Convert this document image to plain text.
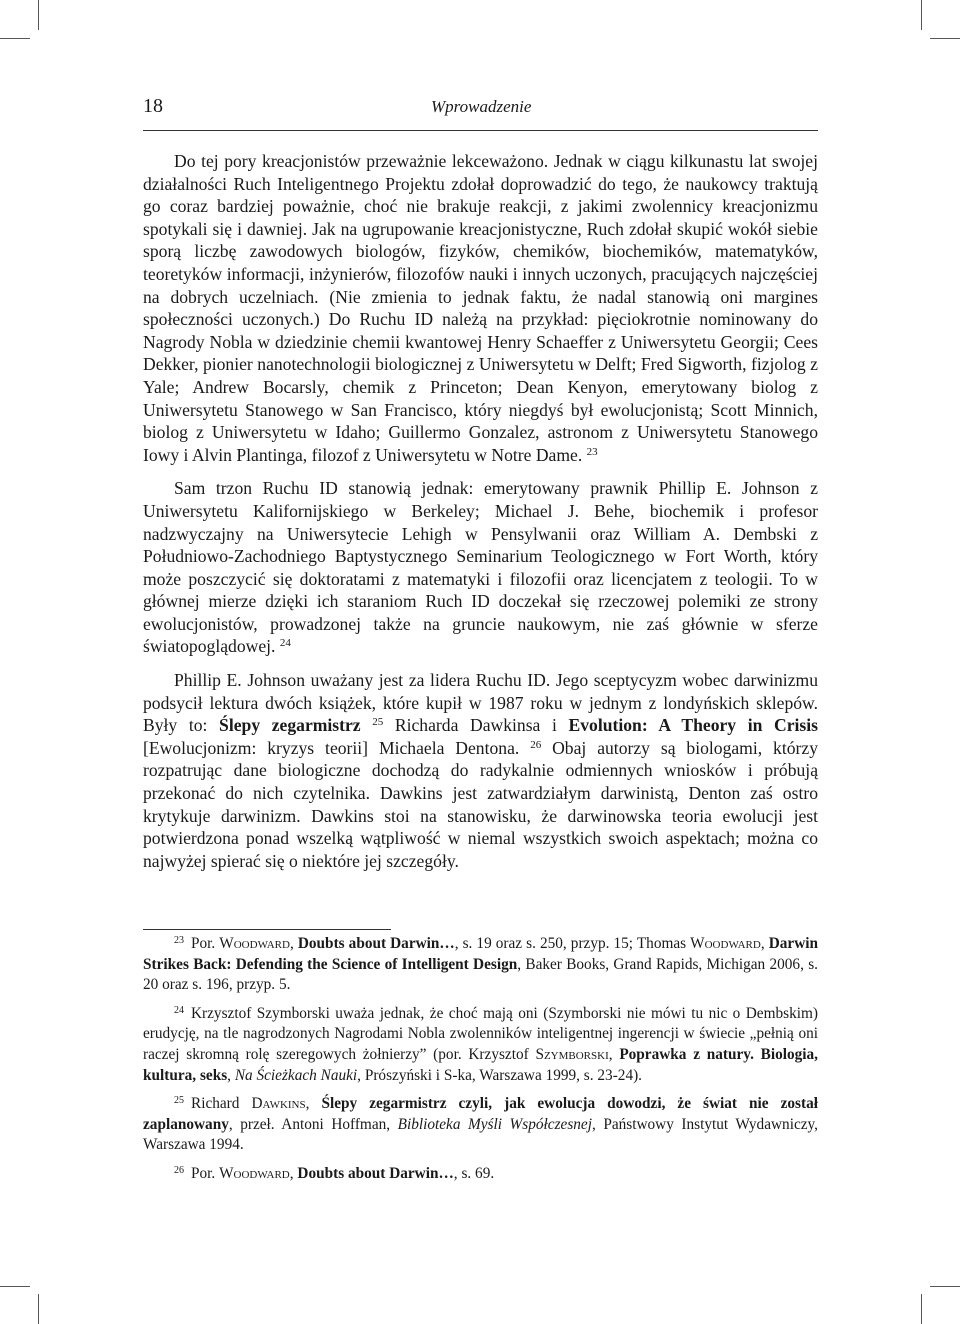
18	Wprowadzenie

Do tej pory kreacjonistów przeważnie lekceważono. Jednak w ciągu kilkunastu lat swojej działalności Ruch Inteligentnego Projektu zdołał doprowadzić do tego, że naukowcy traktują go coraz bardziej poważnie, choć nie brakuje reakcji, z jakimi zwolennicy kreacjonizmu spotykali się i dawniej. Jak na ugrupowanie kreacjonistyczne, Ruch zdołał skupić wokół siebie sporą liczbę zawodowych biologów, fizyków, chemików, biochemików, matematyków, teoretyków informacji, inżynierów, filozofów nauki i innych uczonych, pracujących najczęściej na dobrych uczelniach. (Nie zmienia to jednak faktu, że nadal stanowią oni margines społeczności uczonych.) Do Ruchu ID należą na przykład: pięciokrotnie nominowany do Nagrody Nobla w dziedzinie chemii kwantowej Henry Schaeffer z Uniwersytetu Georgii; Cees Dekker, pionier nanotechnologii biologicznej z Uniwersytetu w Delft; Fred Sigworth, fizjolog z Yale; Andrew Bocarsly, chemik z Princeton; Dean Kenyon, emerytowany biolog z Uniwersytetu Stanowego w San Francisco, który niegdyś był ewolucjonistą; Scott Minnich, biolog z Uniwersytetu w Idaho; Guillermo Gonzalez, astronom z Uniwersytetu Stanowego Iowy i Alvin Plantinga, filozof z Uniwersytetu w Notre Dame. $^{23}$

Sam trzon Ruchu ID stanowią jednak: emerytowany prawnik Phillip E. Johnson z Uniwersytetu Kalifornijskiego w Berkeley; Michael J. Behe, biochemik i profesor nadzwyczajny na Uniwersytecie Lehigh w Pensylwanii oraz William A. Dembski z Południowo-Zachodniego Baptystycznego Seminarium Teologicznego w Fort Worth, który może poszczycić się doktoratami z matematyki i filozofii oraz licencjatem z teologii. To w głównej mierze dzięki ich staraniom Ruch ID doczekał się rzeczowej polemiki ze strony ewolucjonistów, prowadzonej także na gruncie naukowym, nie zaś głównie w sferze światopoglądowej. $^{24}$

Phillip E. Johnson uważany jest za lidera Ruchu ID. Jego sceptycyzm wobec darwinizmu podsycił lektura dwóch książek, które kupił w 1987 roku w jednym z londyńskich sklepów. Były to: Ślepy zegarmistrz $^{25}$ Richarda Dawkinsa i Evolution: A Theory in Crisis [Ewolucjonizm: kryzys teorii] Michaela Dentona. $^{26}$ Obaj autorzy są biologami, którzy rozpatrując dane biologiczne dochodzą do radykalnie odmiennych wniosków i próbują przekonać do nich czytelnika. Dawkins jest zatwardziałym darwinistą, Denton zaś ostro krytykuje darwinizm. Dawkins stoi na stanowisku, że darwinowska teoria ewolucji jest potwierdzona ponad wszelką wątpliwość w niemal wszystkich swoich aspektach; można co najwyżej spierać się o niektóre jej szczegóły.

$^{23}$ Por. Woodward, Doubts about Darwin…, s. 19 oraz s. 250, przyp. 15; Thomas Woodward, Darwin Strikes Back: Defending the Science of Intelligent Design, Baker Books, Grand Rapids, Michigan 2006, s. 20 oraz s. 196, przyp. 5.

$^{24}$ Krzysztof Szymborski uważa jednak, że choć mają oni (Szymborski nie mówi tu nic o Dembskim) erudycję, na tle nagrodzonych Nagrodami Nobla zwolenników inteligentnej ingerencji w świecie „pełnią oni raczej skromną rolę szeregowych żołnierzy” (por. Krzysztof Szymborski, Poprawka z natury. Biologia, kultura, seks, Na Ścieżkach Nauki, Prószyński i S-ka, Warszawa 1999, s. 23-24).

$^{25}$ Richard Dawkins, Ślepy zegarmistrz czyli, jak ewolucja dowodzi, że świat nie został zaplanowany, przeł. Antoni Hoffman, Biblioteka Myśli Współczesnej, Państwowy Instytut Wydawniczy, Warszawa 1994.

$^{26}$ Por. Woodward, Doubts about Darwin…, s. 69.
